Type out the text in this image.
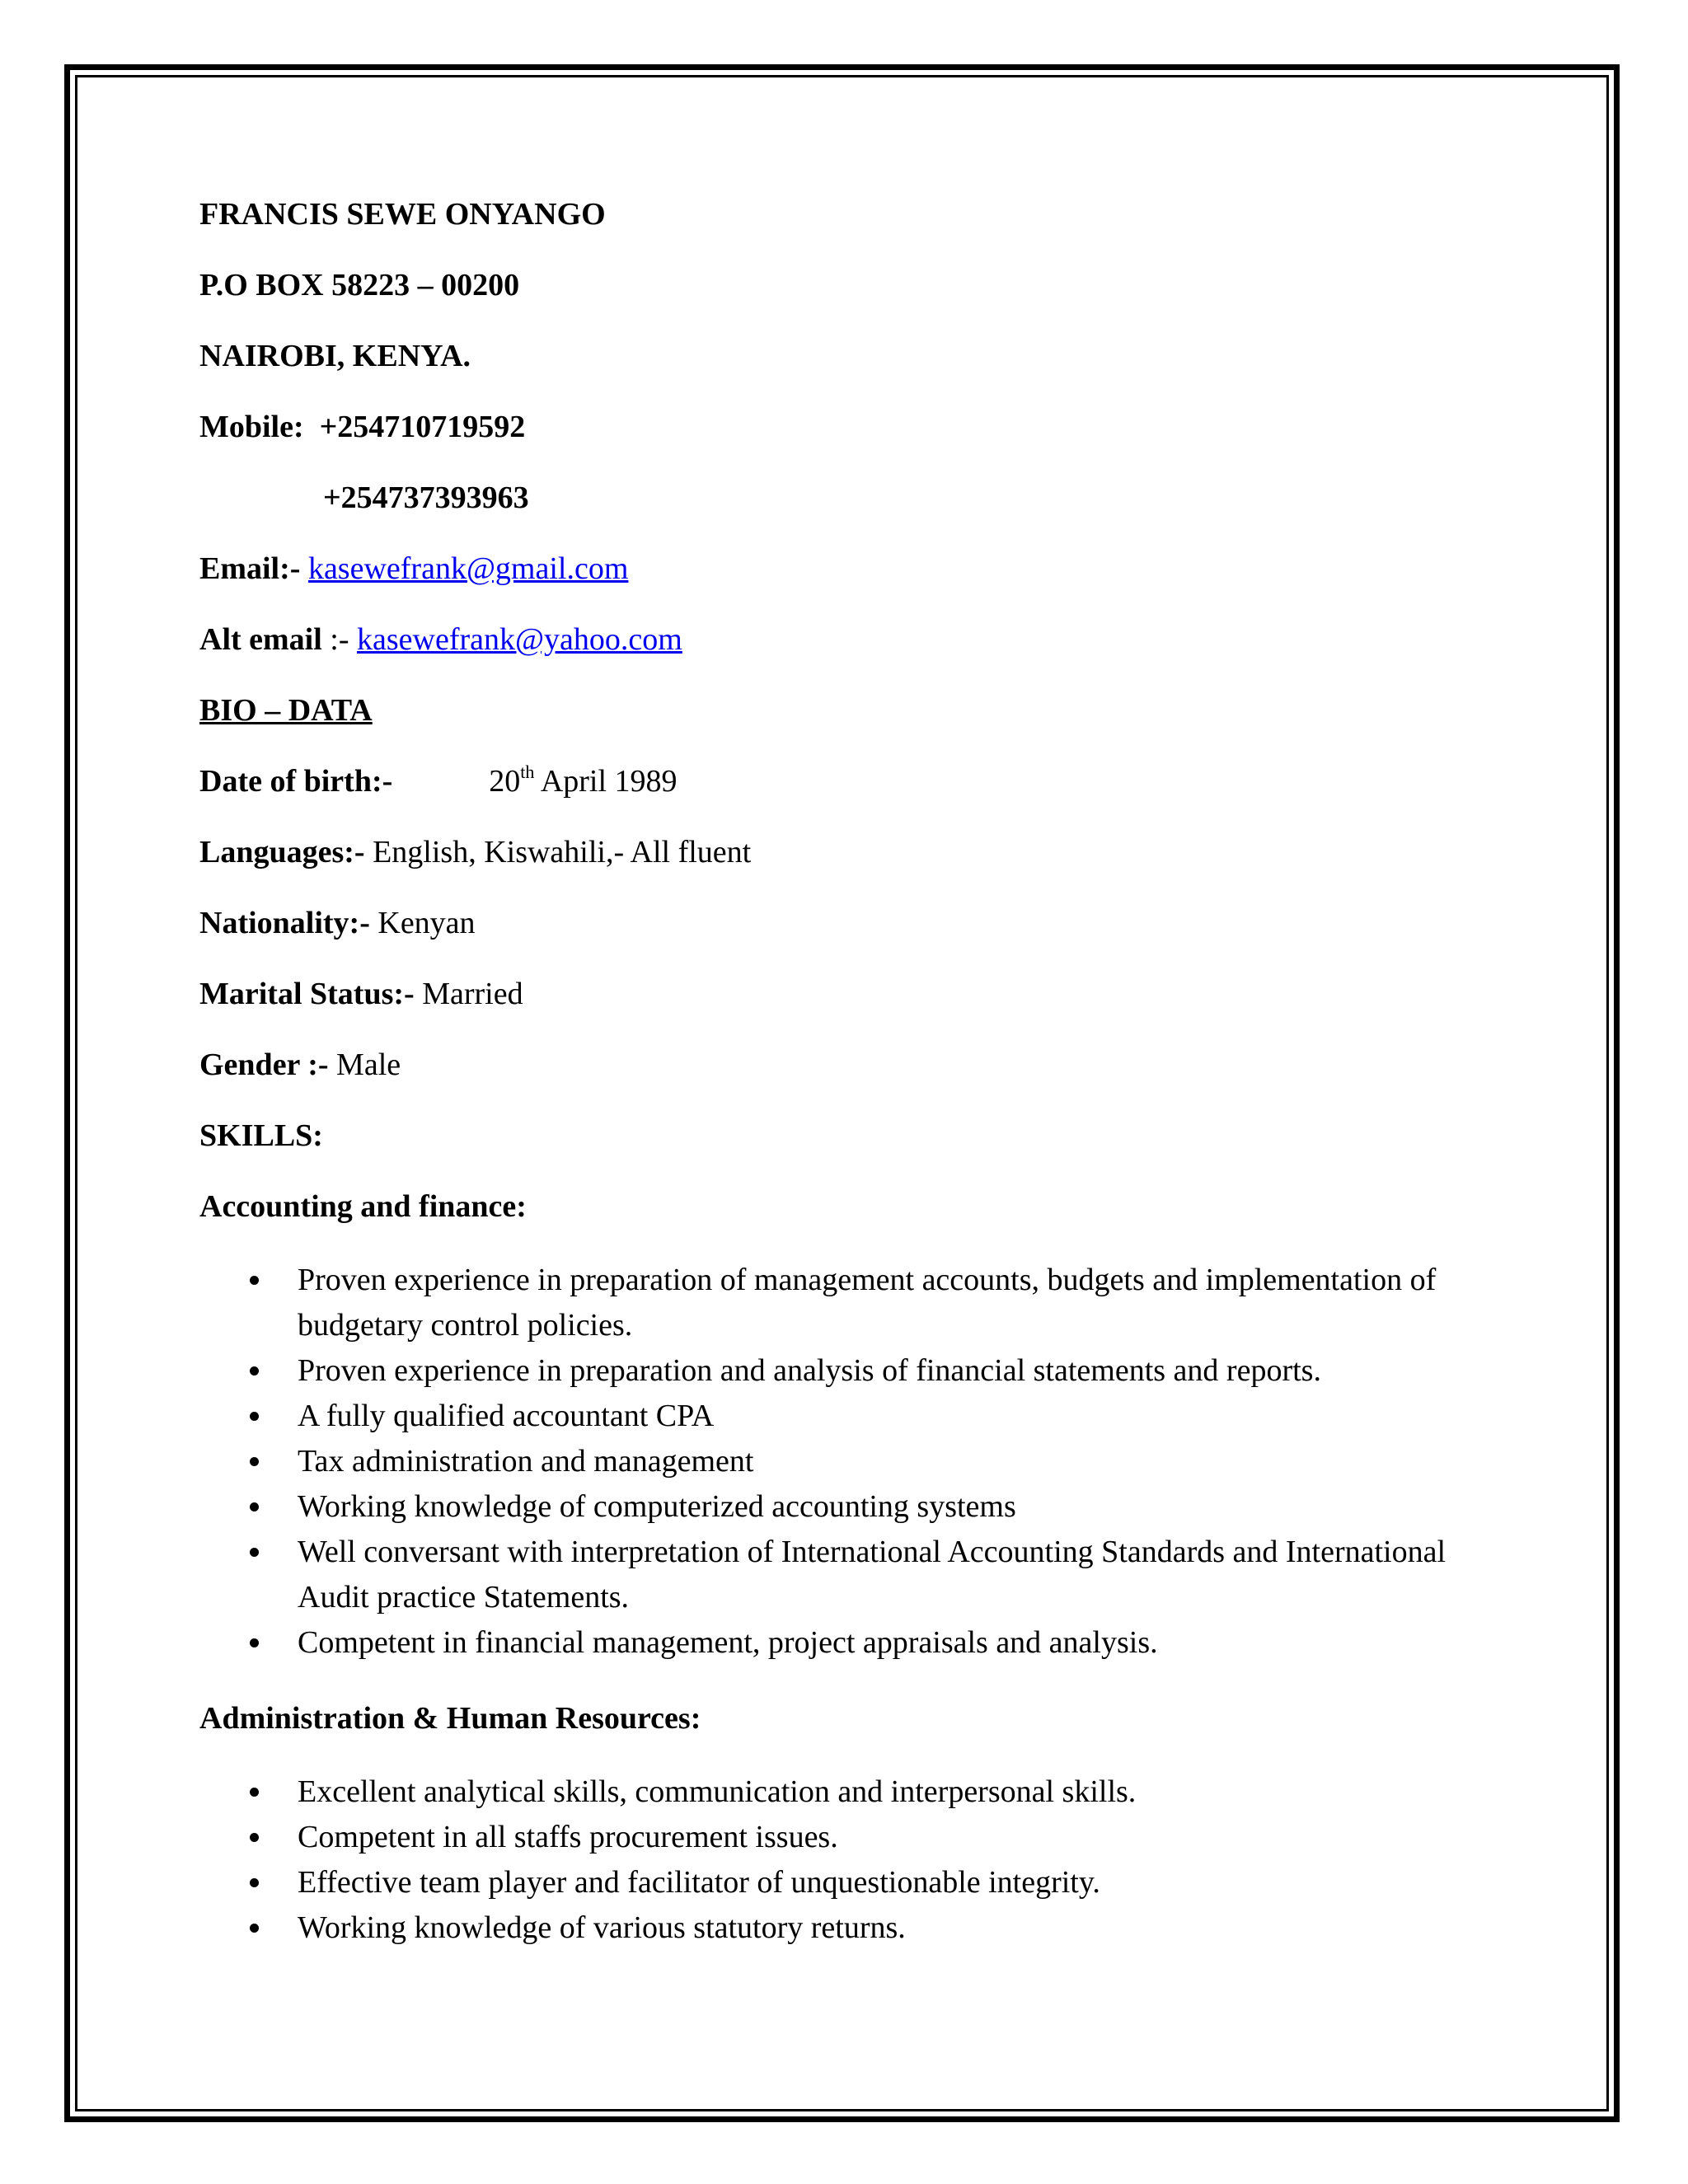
FRANCIS SEWE ONYANGO
P.O BOX 58223 – 00200
NAIROBI, KENYA.
Mobile: +254710719592
+254737393963
Email:- kasewefrank@gmail.com
Alt email :- kasewefrank@yahoo.com
BIO – DATA
Date of birth:-	20th April 1989
Languages:- English, Kiswahili,- All fluent
Nationality:- Kenyan
Marital Status:- Married
Gender :- Male
SKILLS:
Accounting and finance:
Proven experience in preparation of management accounts, budgets and implementation of budgetary control policies.
Proven experience in preparation and analysis of financial statements and reports.
A fully qualified accountant CPA
Tax administration and management
Working knowledge of computerized accounting systems
Well conversant with interpretation of International Accounting Standards and International Audit practice Statements.
Competent in financial management, project appraisals and analysis.
Administration & Human Resources:
Excellent analytical skills, communication and interpersonal skills.
Competent in all staffs procurement issues.
Effective team player and facilitator of unquestionable integrity.
Working knowledge of various statutory returns.
